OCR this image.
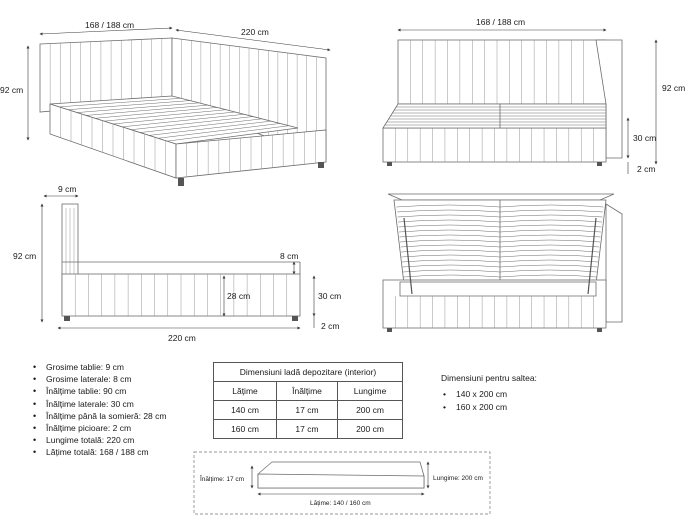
168 / 188 cm
220 cm
92 cm
168 / 188 cm
92 cm
30 cm
2 cm
9 cm
92 cm	8 cm
28 cm	30 cm
2 cm
220 cm
Înălțime: 17 cm	Lungime: 200 cm
Lățime: 140 / 160 cm
• Grosime tablie: 9 cm
• Grosime laterale: 8 cm
• Înălțime tablie: 90 cm
• Înălțime laterale: 30 cm
• Înălțime până la somieră: 28 cm
• Înălțime picioare: 2 cm
• Lungime totală: 220 cm
• Lățime totală: 168 / 188 cm
Dimensiuni ladă depozitare (interior)		
Lățime	Înălțime	Lungime
140 cm	17 cm	200 cm
160 cm	17 cm	200 cm
Dimensiuni pentru saltea:
• 140 x 200 cm
• 160 x 200 cm
